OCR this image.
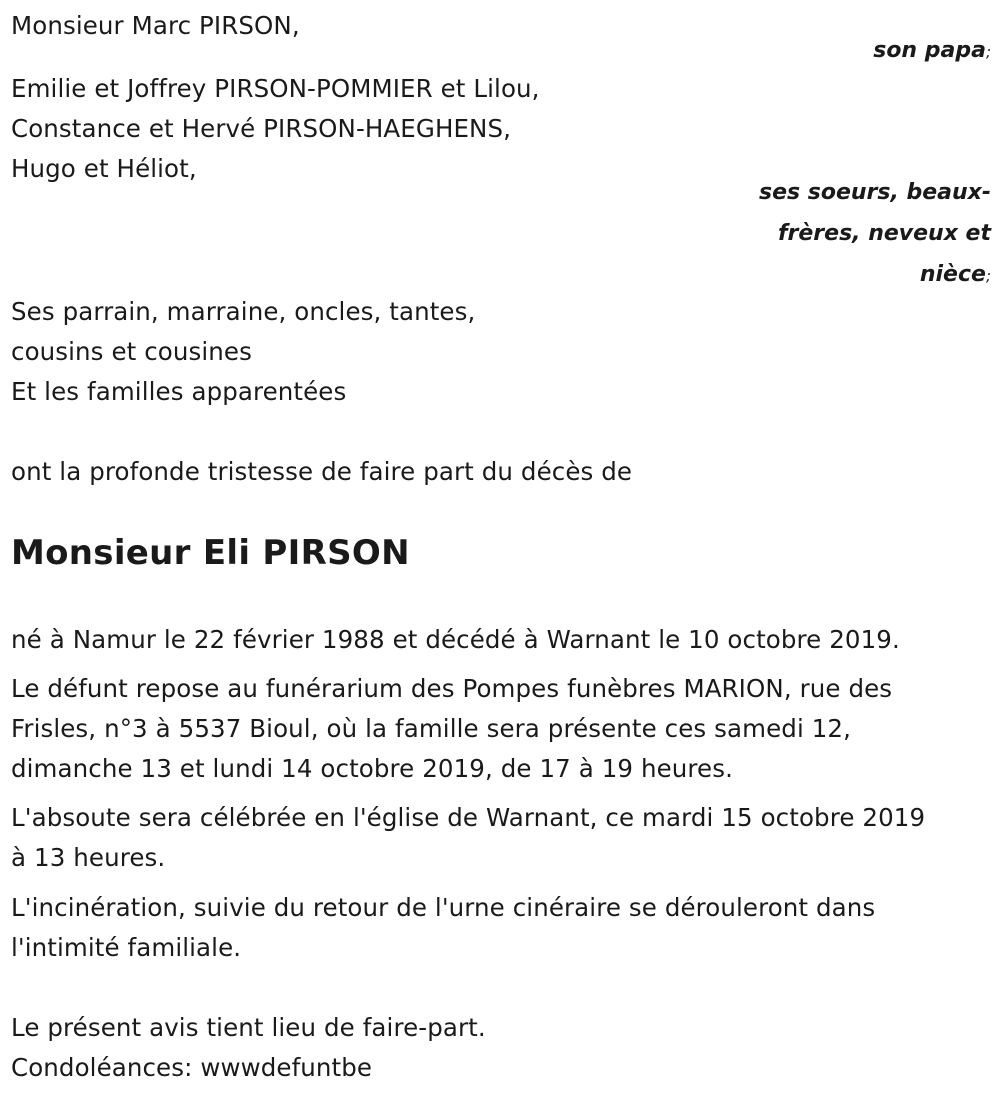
Monsieur Marc PIRSON,
son papa;
Emilie et Joffrey PIRSON-POMMIER et Lilou,
Constance et Hervé PIRSON-HAEGHENS,
Hugo et Héliot,
ses soeurs, beaux-
frères, neveux et
nièce;
Ses parrain, marraine, oncles, tantes,
cousins et cousines
Et les familles apparentées
ont la profonde tristesse de faire part du décès de
Monsieur Eli PIRSON
né à Namur le 22 février 1988 et décédé à Warnant le 10 octobre 2019.
Le défunt repose au funérarium des Pompes funèbres MARION, rue des
Frisles, n°3 à 5537 Bioul, où la famille sera présente ces samedi 12,
dimanche 13 et lundi 14 octobre 2019, de 17 à 19 heures.
L'absoute sera célébrée en l'église de Warnant, ce mardi 15 octobre 2019
à 13 heures.
L'incinération, suivie du retour de l'urne cinéraire se dérouleront dans
l'intimité familiale.
Le présent avis tient lieu de faire-part.
Condoléances: wwwdefuntbe
